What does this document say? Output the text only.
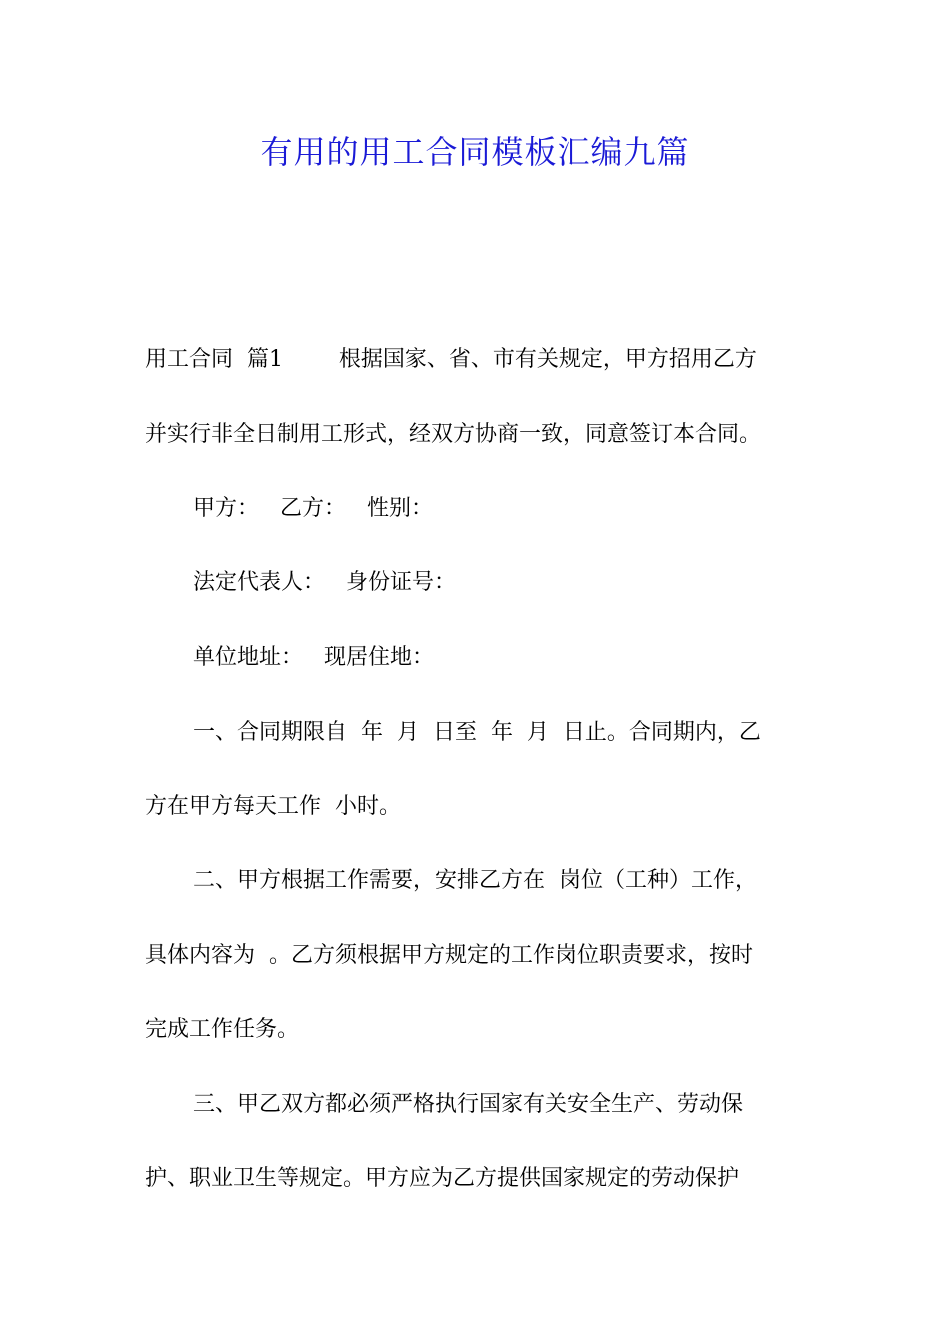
有用的用工合同模板汇编九篇
用工合同  篇1        根据国家、省、市有关规定，甲方招用乙方
并实行非全日制用工形式，经双方协商一致，同意签订本合同。
甲方：   乙方：   性别：
法定代表人：   身份证号：
单位地址：   现居住地：
一、合同期限自  年  月  日至  年  月  日止。合同期内，乙
方在甲方每天工作  小时。
二、甲方根据工作需要，安排乙方在  岗位（工种）工作，
具体内容为  。乙方须根据甲方规定的工作岗位职责要求，按时
完成工作任务。
三、甲乙双方都必须严格执行国家有关安全生产、劳动保
护、职业卫生等规定。甲方应为乙方提供国家规定的劳动保护
